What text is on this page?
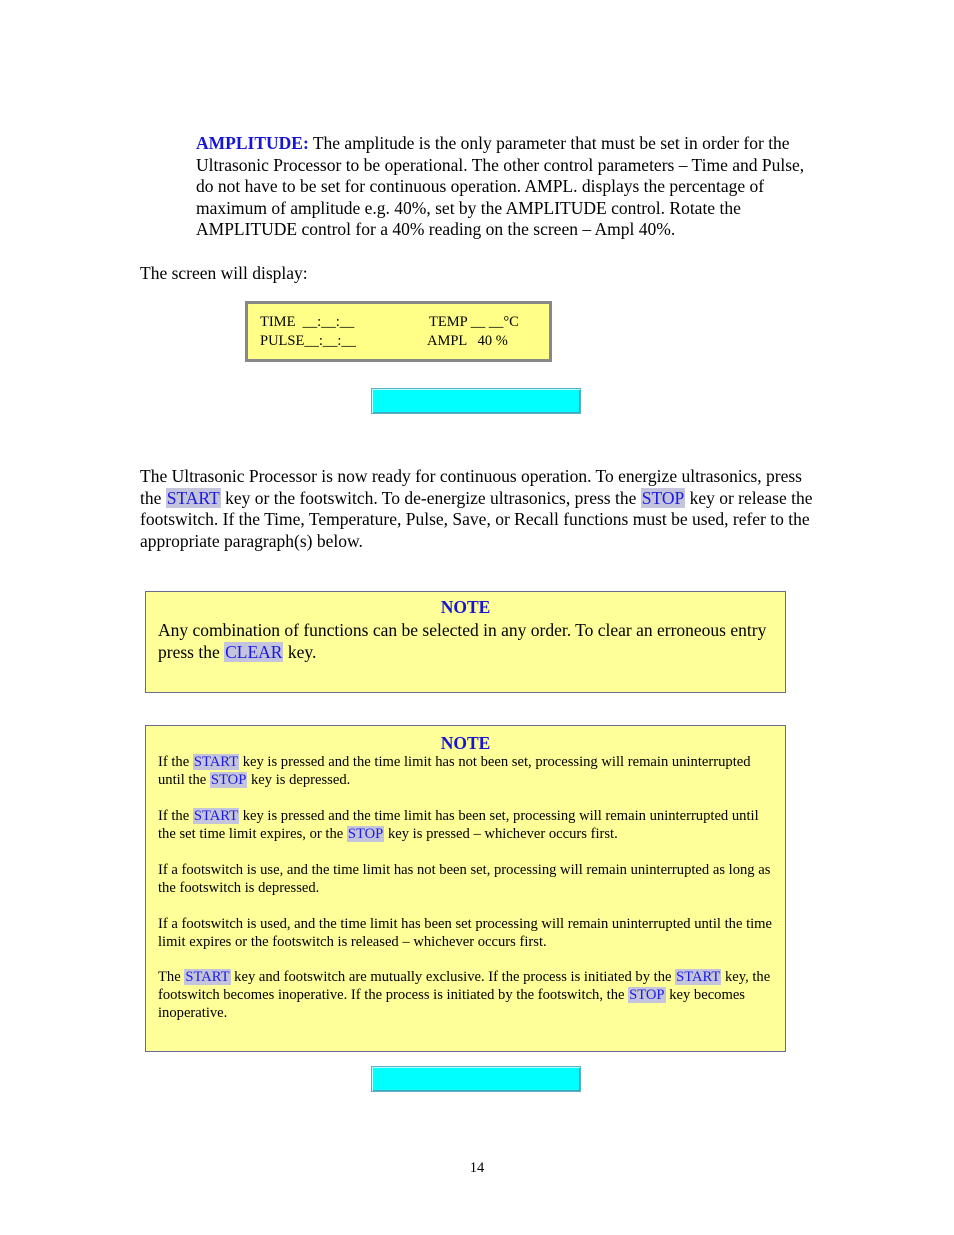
AMPLITUDE: The amplitude is the only parameter that must be set in order for the Ultrasonic Processor to be operational. The other control parameters – Time and Pulse, do not have to be set for continuous operation. AMPL. displays the percentage of maximum of amplitude e.g. 40%, set by the AMPLITUDE control. Rotate the AMPLITUDE control for a 40% reading on the screen – Ampl 40%.

The screen will display:

TIME  __:__:__	TEMP __ __°C
PULSE__:__:__	AMPL   40 %

The Ultrasonic Processor is now ready for continuous operation. To energize ultrasonics, press the START key or the footswitch. To de-energize ultrasonics, press the STOP key or release the footswitch. If the Time, Temperature, Pulse, Save, or Recall functions must be used, refer to the appropriate paragraph(s) below.

NOTE
Any combination of functions can be selected in any order. To clear an erroneous entry press the CLEAR key.
NOTE
If the START key is pressed and the time limit has not been set, processing will remain uninterrupted until the STOP key is depressed.
If the START key is pressed and the time limit has been set, processing will remain uninterrupted until the set time limit expires, or the STOP key is pressed – whichever occurs first.
If a footswitch is use, and the time limit has not been set, processing will remain uninterrupted as long as the footswitch is depressed.
If a footswitch is used, and the time limit has been set processing will remain uninterrupted until the time limit expires or the footswitch is released – whichever occurs first.
The START key and footswitch are mutually exclusive. If the process is initiated by the START key, the footswitch becomes inoperative. If the process is initiated by the footswitch, the STOP key becomes inoperative.
14
